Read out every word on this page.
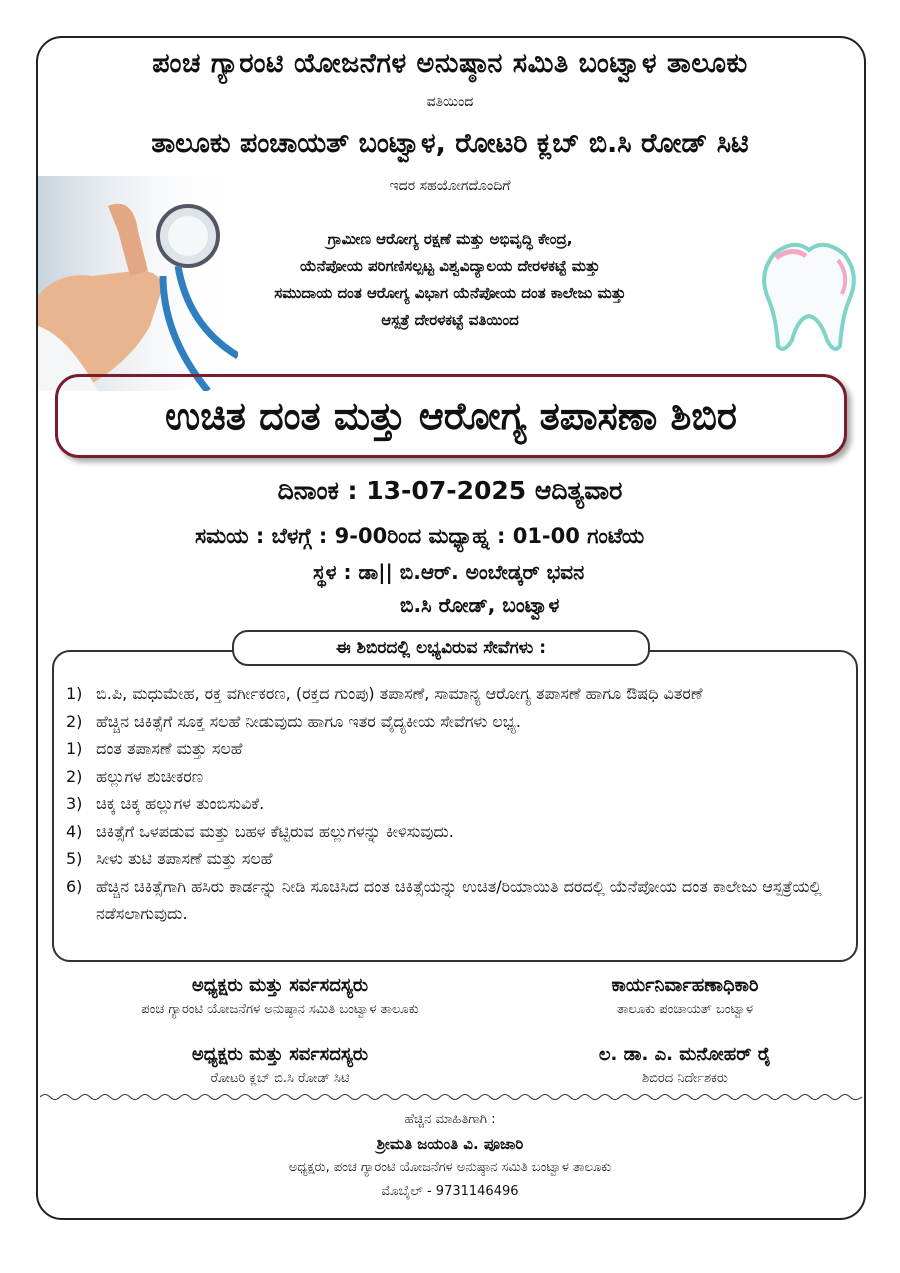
ಪಂಚ ಗ್ಯಾರಂಟಿ ಯೋಜನೆಗಳ ಅನುಷ್ಠಾನ ಸಮಿತಿ ಬಂಟ್ವಾಳ ತಾಲೂಕು
ವತಿಯಿಂದ
ತಾಲೂಕು ಪಂಚಾಯತ್ ಬಂಟ್ವಾಳ, ರೋಟರಿ ಕ್ಲಬ್ ಬಿ.ಸಿ ರೋಡ್ ಸಿಟಿ
ಇದರ ಸಹಯೋಗದೊಂದಿಗೆ
ಗ್ರಾಮೀಣ ಆರೋಗ್ಯ ರಕ್ಷಣೆ ಮತ್ತು ಅಭಿವೃದ್ಧಿ ಕೇಂದ್ರ,
ಯೆನೆಪೋಯ ಪರಿಗಣಿಸಲ್ಪಟ್ಟ ವಿಶ್ವವಿದ್ಯಾಲಯ ದೇರಳಕಟ್ಟೆ ಮತ್ತು
ಸಮುದಾಯ ದಂತ ಆರೋಗ್ಯ ವಿಭಾಗ ಯೆನೆಪೋಯ ದಂತ ಕಾಲೇಜು ಮತ್ತು
ಆಸ್ಪತ್ರೆ ದೇರಳಕಟ್ಟೆ ವತಿಯಿಂದ
ಉಚಿತ ದಂತ ಮತ್ತು ಆರೋಗ್ಯ ತಪಾಸಣಾ ಶಿಬಿರ
ದಿನಾಂಕ : 13-07-2025 ಆದಿತ್ಯವಾರ
ಸಮಯ : ಬೆಳಗ್ಗೆ : 9-00ರಿಂದ ಮಧ್ಯಾಹ್ನ : 01-00 ಗಂಟೆಯ
ಸ್ಥಳ : ಡಾ|| ಬಿ.ಆರ್. ಅಂಬೇಡ್ಕರ್ ಭವನ
ಬಿ.ಸಿ ರೋಡ್, ಬಂಟ್ವಾಳ
ಈ ಶಿಬಿರದಲ್ಲಿ ಲಭ್ಯವಿರುವ ಸೇವೆಗಳು :
1) ಬಿ.ಪಿ, ಮಧುಮೇಹ, ರಕ್ತ ವರ್ಗೀಕರಣ, (ರಕ್ತದ ಗುಂಪು) ತಪಾಸಣೆ, ಸಾಮಾನ್ಯ ಆರೋಗ್ಯ ತಪಾಸಣೆ ಹಾಗೂ ಔಷಧಿ ವಿತರಣೆ
2) ಹೆಚ್ಚಿನ ಚಿಕಿತ್ಸೆಗೆ ಸೂಕ್ತ ಸಲಹೆ ನೀಡುವುದು ಹಾಗೂ ಇತರ ವೈದ್ಯಕೀಯ ಸೇವೆಗಳು ಲಭ್ಯ.
1) ದಂತ ತಪಾಸಣೆ ಮತ್ತು ಸಲಹೆ
2) ಹಲ್ಲುಗಳ ಶುಚೀಕರಣ
3) ಚಿಕ್ಕ ಚಿಕ್ಕ ಹಲ್ಲುಗಳ ತುಂಬಿಸುವಿಕೆ.
4) ಚಿಕಿತ್ಸೆಗೆ ಒಳಪಡುವ ಮತ್ತು ಬಹಳ ಕೆಟ್ಟಿರುವ ಹಲ್ಲುಗಳನ್ನು ಕೀಳಿಸುವುದು.
5) ಸೀಳು ತುಟಿ ತಪಾಸಣೆ ಮತ್ತು ಸಲಹೆ
6) ಹೆಚ್ಚಿನ ಚಿಕಿತ್ಸೆಗಾಗಿ ಹಸಿರು ಕಾರ್ಡನ್ನು ನೀಡಿ ಸೂಚಿಸಿದ ದಂತ ಚಿಕಿತ್ಸೆಯನ್ನು ಉಚಿತ/ರಿಯಾಯಿತಿ ದರದಲ್ಲಿ ಯೆನೆಪೋಯ ದಂತ ಕಾಲೇಜು ಆಸ್ಪತ್ರೆಯಲ್ಲಿ ನಡೆಸಲಾಗುವುದು.
ಅಧ್ಯಕ್ಷರು ಮತ್ತು ಸರ್ವಸದಸ್ಯರು
ಪಂಚ ಗ್ಯಾರಂಟಿ ಯೋಜನೆಗಳ ಅನುಷ್ಠಾನ ಸಮಿತಿ ಬಂಟ್ವಾಳ ತಾಲೂಕು
ಕಾರ್ಯನಿರ್ವಾಹಣಾಧಿಕಾರಿ
ತಾಲೂಕು ಪಂಚಾಯತ್ ಬಂಟ್ವಾಳ
ಅಧ್ಯಕ್ಷರು ಮತ್ತು ಸರ್ವಸದಸ್ಯರು
ರೋಟರಿ ಕ್ಲಬ್ ಬಿ.ಸಿ ರೋಡ್ ಸಿಟಿ
ಲ. ಡಾ. ಎ. ಮನೋಹರ್ ರೈ
ಶಿಬಿರದ ನಿರ್ದೇಶಕರು
ಹೆಚ್ಚಿನ ಮಾಹಿತಿಗಾಗಿ :
ಶ್ರೀಮತಿ ಜಯಂತಿ ವಿ. ಪೂಜಾರಿ
ಅಧ್ಯಕ್ಷರು, ಪಂಚ ಗ್ಯಾರಂಟಿ ಯೋಜನೆಗಳ ಅನುಷ್ಠಾನ ಸಮಿತಿ ಬಂಟ್ವಾಳ ತಾಲೂಕು
ಮೊಬೈಲ್ - 9731146496
